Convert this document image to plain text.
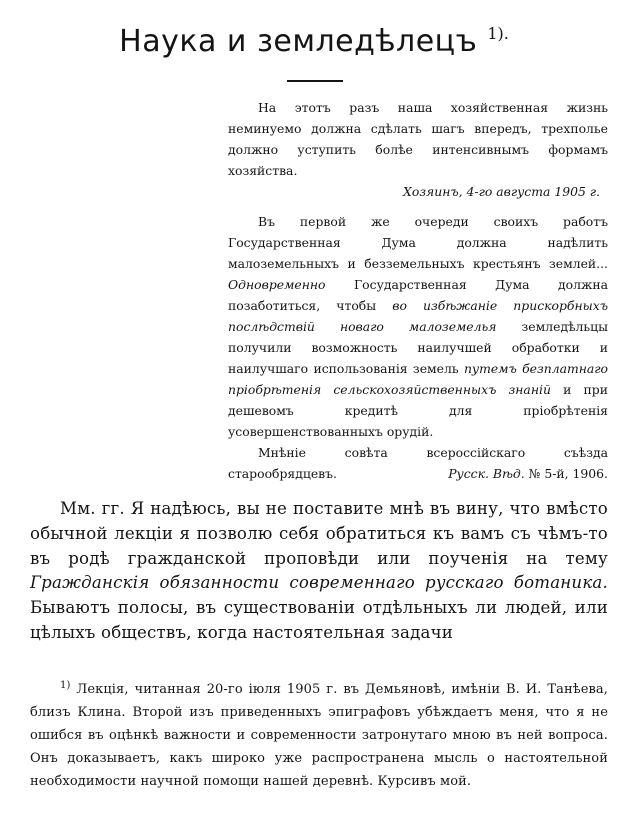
Наука и земледѣлецъ $^{1).}$

На этотъ разъ наша хозяйственная жизнь неминуемо должна сдѣлать шагъ впередъ, трехполье должно уступить болѣе интенсивнымъ формамъ хозяйства.

Хозяинъ, 4-го августа 1905 г.

Въ первой же очереди своихъ работъ Государственная Дума должна надѣлить малоземельныхъ и безземельныхъ крестьянъ землей... Одновременно Государственная Дума должна позаботиться, чтобы во избѣжаніе прискорбныхъ послѣдствій новаго малоземелья земледѣльцы получили возможность наилучшей обработки и наилучшаго использованія земель путемъ безплатнаго пріобрѣтенія сельскохозяйственныхъ знаній и при дешевомъ кредитѣ для пріобрѣтенія усовершенствованныхъ орудій.

Мнѣніе совѣта всероссійскаго съѣзда старообрядцевъ.	Русск. Вѣд. № 5-й, 1906.

Мм. гг. Я надѣюсь, вы не поставите мнѣ въ вину, что вмѣсто обычной лекціи я позволю себя обратиться къ вамъ съ чѣмъ-то въ родѣ гражданской проповѣди или поученія на тему Гражданскія обязанности современнаго русскаго ботаника. Бываютъ полосы, въ существованіи отдѣльныхъ ли людей, или цѣлыхъ обществъ, когда настоятельная задачи

$^{1)}$ Лекція, читанная 20-го іюля 1905 г. въ Демьяновѣ, имѣніи В. И. Танѣева, близъ Клина. Второй изъ приведенныхъ эпиграфовъ убѣждаетъ меня, что я не ошибся въ оцѣнкѣ важности и современности затронутаго мною въ ней вопроса. Онъ доказываетъ, какъ широко уже распространена мысль о настоятельной необходимости научной помощи нашей деревнѣ. Курсивъ мой.
